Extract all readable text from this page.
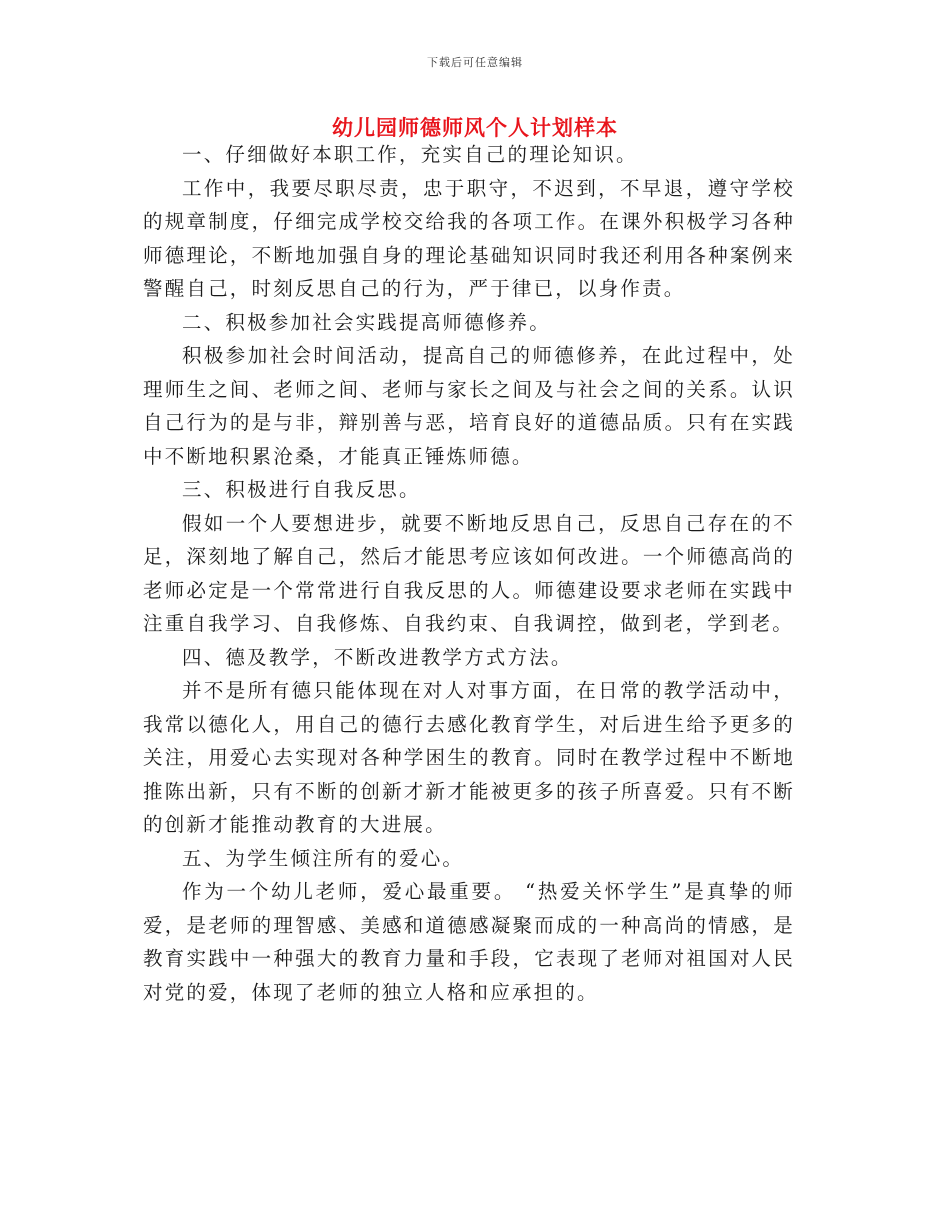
下载后可任意编辑
幼儿园师德师风个人计划样本

一、仔细做好本职工作，充实自己的理论知识。

工作中，我要尽职尽责，忠于职守，不迟到，不早退，遵守学校的规章制度，仔细完成学校交给我的各项工作。在课外积极学习各种师德理论，不断地加强自身的理论基础知识同时我还利用各种案例来警醒自己，时刻反思自己的行为，严于律已，以身作责。

二、积极参加社会实践提高师德修养。

积极参加社会时间活动，提高自己的师德修养，在此过程中，处理师生之间、老师之间、老师与家长之间及与社会之间的关系。认识自己行为的是与非，辩别善与恶，培育良好的道德品质。只有在实践中不断地积累沧桑，才能真正锤炼师德。

三、积极进行自我反思。

假如一个人要想进步，就要不断地反思自己，反思自己存在的不足，深刻地了解自己，然后才能思考应该如何改进。一个师德高尚的老师必定是一个常常进行自我反思的人。师德建设要求老师在实践中注重自我学习、自我修炼、自我约束、自我调控，做到老，学到老。

四、德及教学，不断改进教学方式方法。

并不是所有德只能体现在对人对事方面，在日常的教学活动中，我常以德化人，用自己的德行去感化教育学生，对后进生给予更多的关注，用爱心去实现对各种学困生的教育。同时在教学过程中不断地推陈出新，只有不断的创新才新才能被更多的孩子所喜爱。只有不断的创新才能推动教育的大进展。

五、为学生倾注所有的爱心。

作为一个幼儿老师，爱心最重要。 “热爱关怀学生”是真挚的师爱，是老师的理智感、美感和道德感凝聚而成的一种高尚的情感，是教育实践中一种强大的教育力量和手段，它表现了老师对祖国对人民对党的爱，体现了老师的独立人格和应承担的。
